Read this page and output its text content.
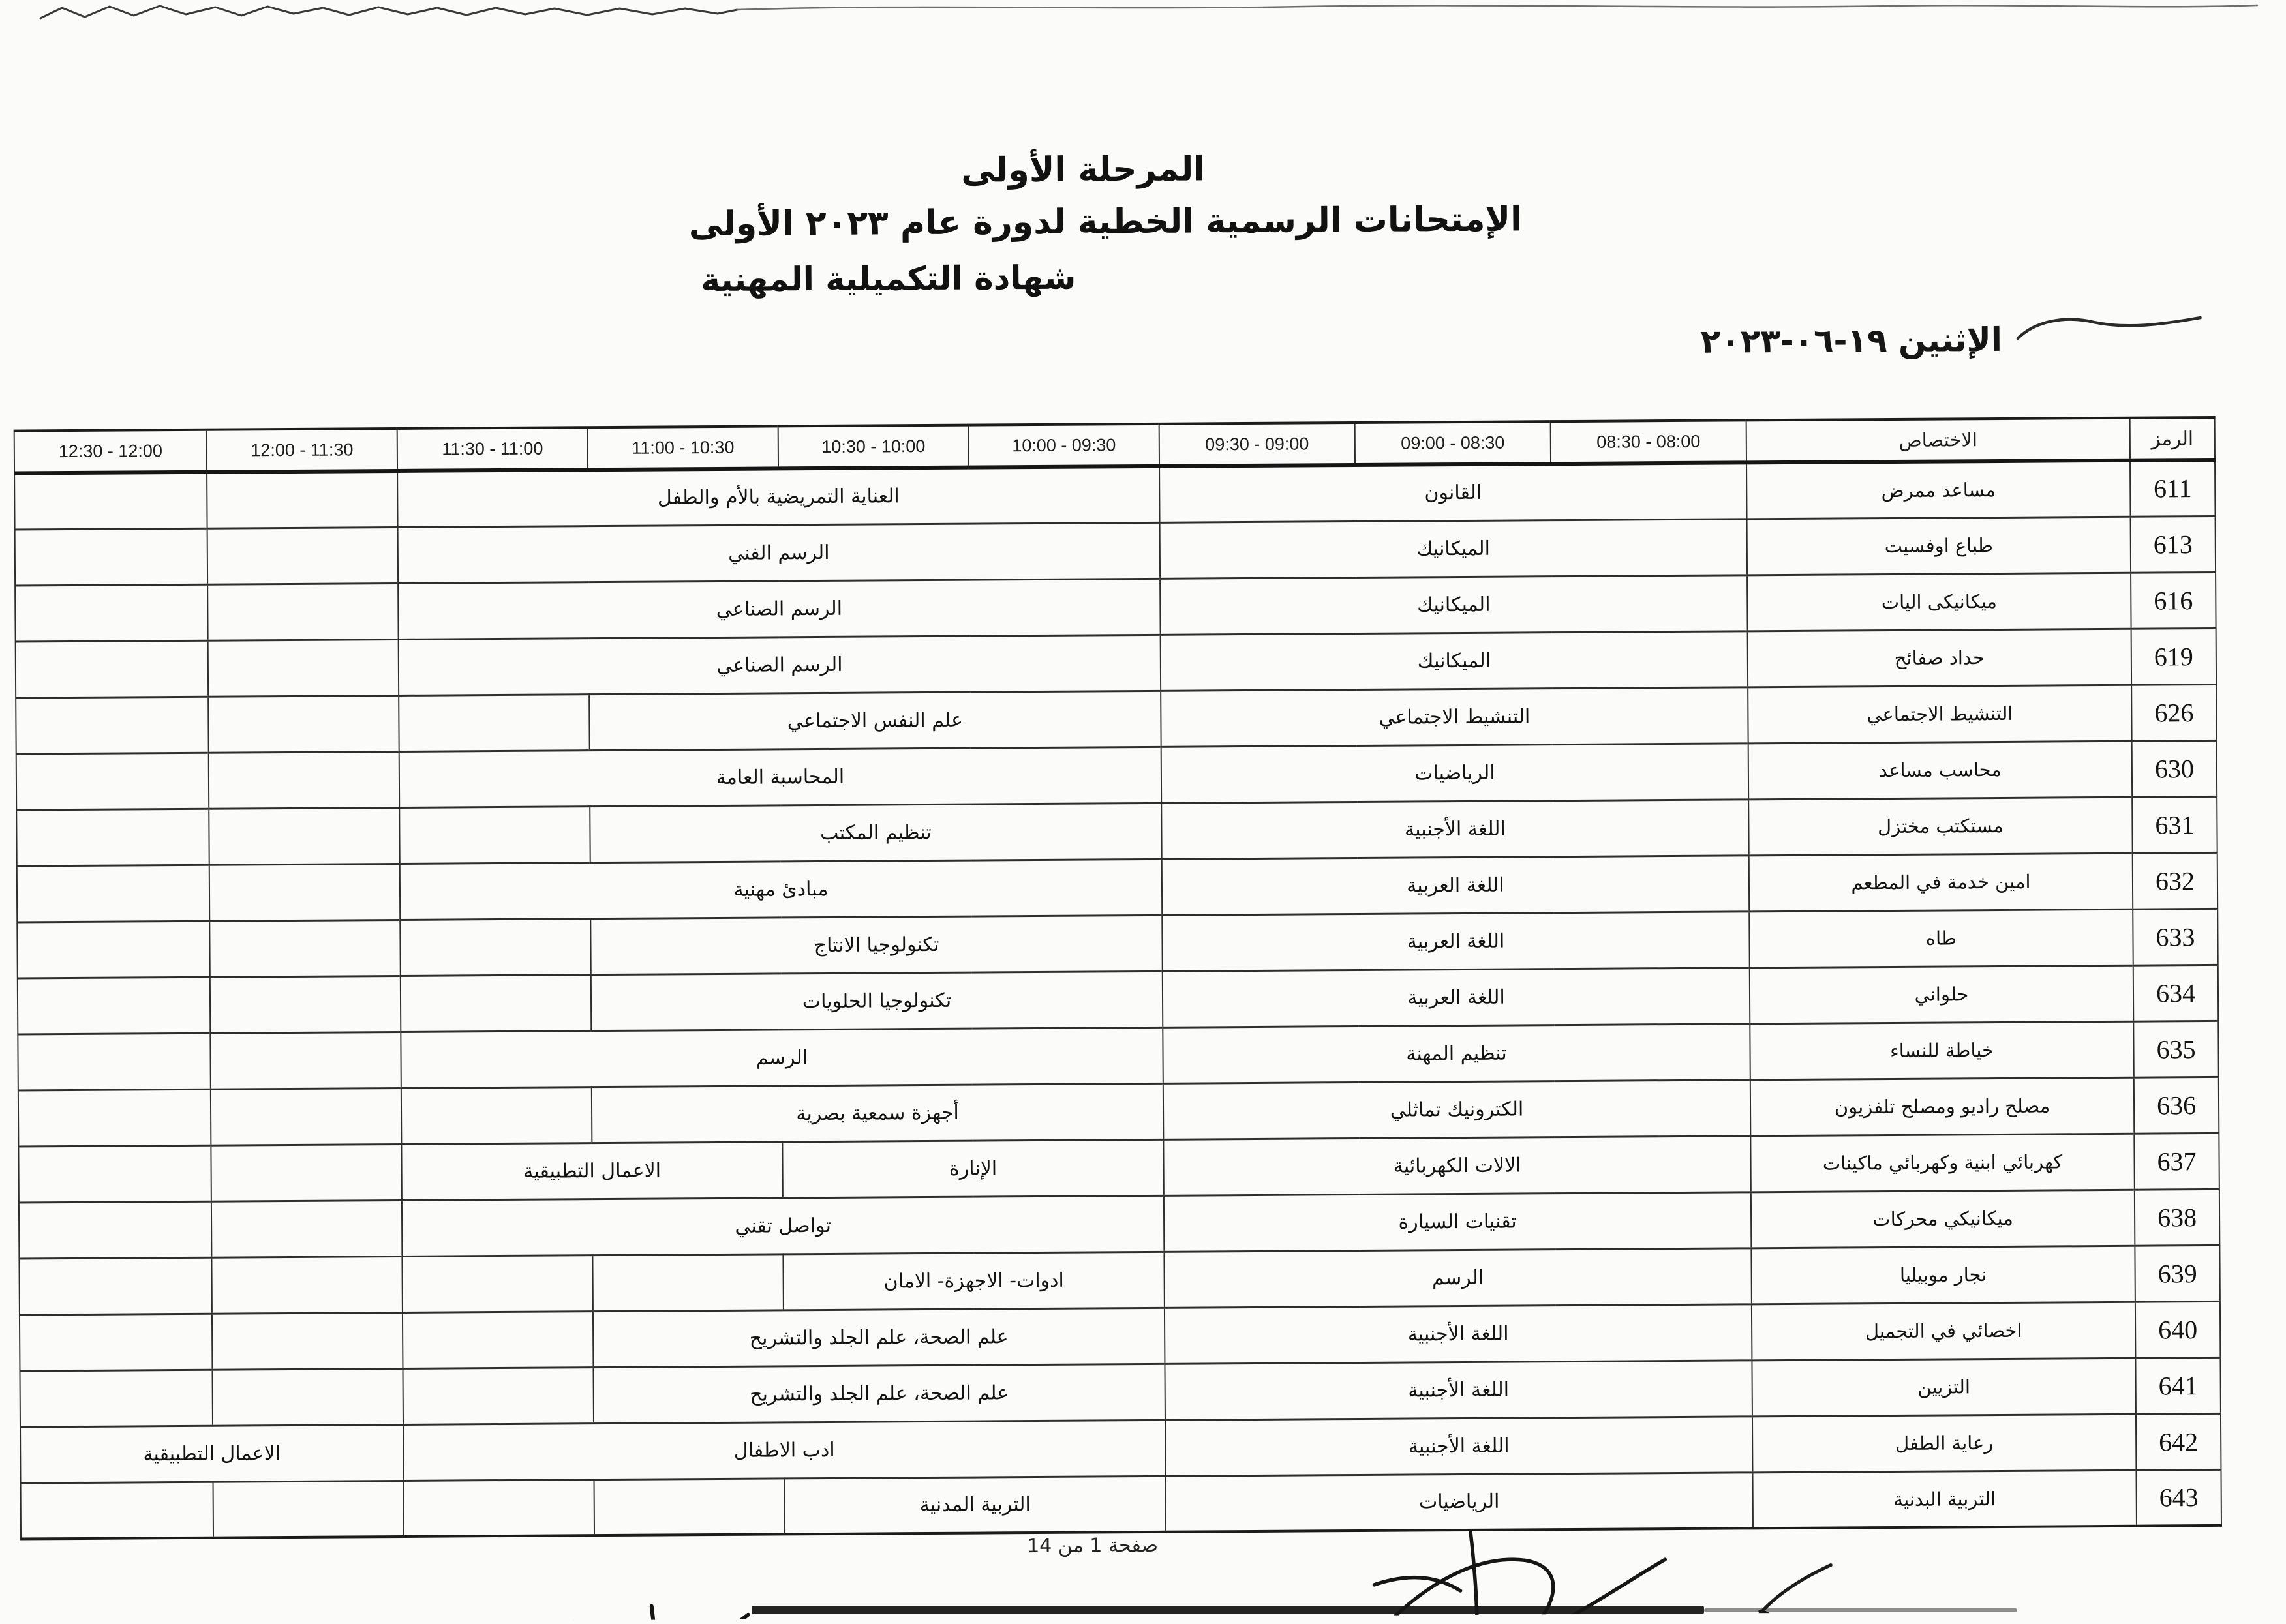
المرحلة الأولى
الإمتحانات الرسمية الخطية لدورة عام ٢٠٢٣ الأولى
شهادة التكميلية المهنية
الإثنين ١٩-٠٦-٢٠٢٣
الرمز	الاختصاص	08:30 - 08:00	09:00 - 08:30	09:30 - 09:00	10:00 - 09:30	10:30 - 10:00	11:00 - 10:30	11:30 - 11:00	12:00 - 11:30	12:30 - 12:00
611	مساعد ممرض	القانون			العناية التمريضية بالأم والطفل					
613	طباع اوفسيت	الميكانيك			الرسم الفني					
616	ميكانيكى اليات	الميكانيك			الرسم الصناعي					
619	حداد صفائح	الميكانيك			الرسم الصناعي					
626	التنشيط الاجتماعي	التنشيط الاجتماعي			علم النفس الاجتماعي					
630	محاسب مساعد	الرياضيات			المحاسبة العامة					
631	مستكتب مختزل	اللغة الأجنبية			تنظيم المكتب					
632	امين خدمة في المطعم	اللغة العربية			مبادئ مهنية					
633	طاه	اللغة العربية			تكنولوجيا الانتاج					
634	حلواني	اللغة العربية			تكنولوجيا الحلويات					
635	خياطة للنساء	تنظيم المهنة			الرسم					
636	مصلح راديو ومصلح تلفزيون	الكترونيك تماثلي			أجهزة سمعية بصرية					
637	كهربائي ابنية وكهربائي ماكينات	الالات الكهربائية			الإنارة		الاعمال التطبيقية			
638	ميكانيكي محركات	تقنيات السيارة			تواصل تقني					
639	نجار موبيليا	الرسم			ادوات- الاجهزة- الامان					
640	اخصائي في التجميل	اللغة الأجنبية			علم الصحة، علم الجلد والتشريح					
641	التزيين	اللغة الأجنبية			علم الصحة، علم الجلد والتشريح					
642	رعاية الطفل	اللغة الأجنبية			ادب الاطفال				الاعمال التطبيقية	
643	التربية البدنية	الرياضيات			التربية المدنية					
صفحة 1 من 14
